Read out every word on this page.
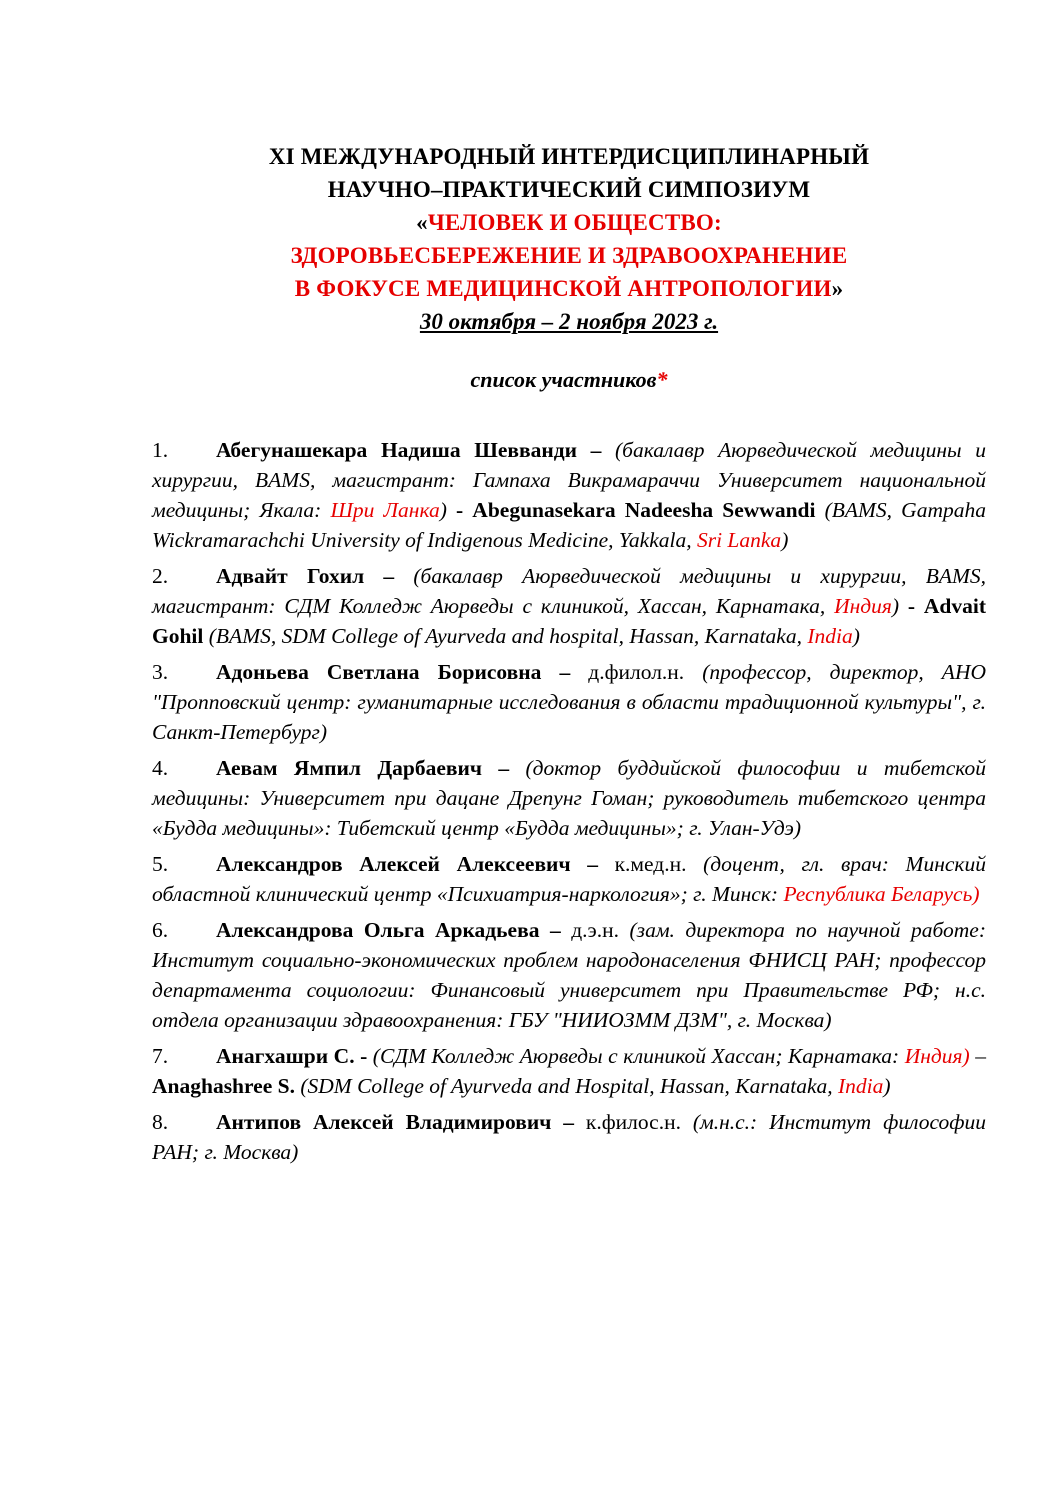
XI МЕЖДУНАРОДНЫЙ ИНТЕРДИСЦИПЛИНАРНЫЙ
НАУЧНО–ПРАКТИЧЕСКИЙ СИМПОЗИУМ
«ЧЕЛОВЕК И ОБЩЕСТВО:
ЗДОРОВЬЕСБЕРЕЖЕНИЕ И ЗДРАВООХРАНЕНИЕ
В ФОКУСЕ МЕДИЦИНСКОЙ АНТРОПОЛОГИИ»
30 октября – 2 ноября 2023 г.
список участников*

1. Абегунашекара Надиша Шевванди – (бакалавр Аюрведической медицины и хирургии, BAMS, магистрант: Гампаха Викрамараччи Университет национальной медицины; Якала: Шри Ланка) - Abegunasekara Nadeesha Sewwandi (BAMS, Gampaha Wickramarachchi University of Indigenous Medicine, Yakkala, Sri Lanka)

2. Адвайт Гохил – (бакалавр Аюрведической медицины и хирургии, BAMS, магистрант: СДМ Колледж Аюрведы с клиникой, Хассан, Карнатака, Индия) - Advait Gohil (BAMS, SDM College of Ayurveda and hospital, Hassan, Karnataka, India)

3. Адоньева Светлана Борисовна – д.филол.н. (профессор, директор, АНО "Пропповский центр: гуманитарные исследования в области традиционной культуры", г. Санкт-Петербург)

4. Аевам Ямпил Дарбаевич – (доктор буддийской философии и тибетской медицины: Университет при дацане Дрепунг Гоман; руководитель тибетского центра «Будда медицины»: Тибетский центр «Будда медицины»; г. Улан-Удэ)

5. Александров Алексей Алексеевич – к.мед.н. (доцент, гл. врач: Минский областной клинический центр «Психиатрия-наркология»; г. Минск: Республика Беларусь)

6. Александрова Ольга Аркадьева – д.э.н. (зам. директора по научной работе: Институт социально-экономических проблем народонаселения ФНИСЦ РАН; профессор департамента социологии: Финансовый университет при Правительстве РФ; н.с. отдела организации здравоохранения: ГБУ "НИИОЗММ ДЗМ", г. Москва)

7. Анагхашри С. - (СДМ Колледж Аюрведы с клиникой Хассан; Карнатака: Индия) – Anaghashree S. (SDM College of Ayurveda and Hospital, Hassan, Karnataka, India)

8. Антипов Алексей Владимирович – к.филос.н. (м.н.с.: Институт философии РАН; г. Москва)
